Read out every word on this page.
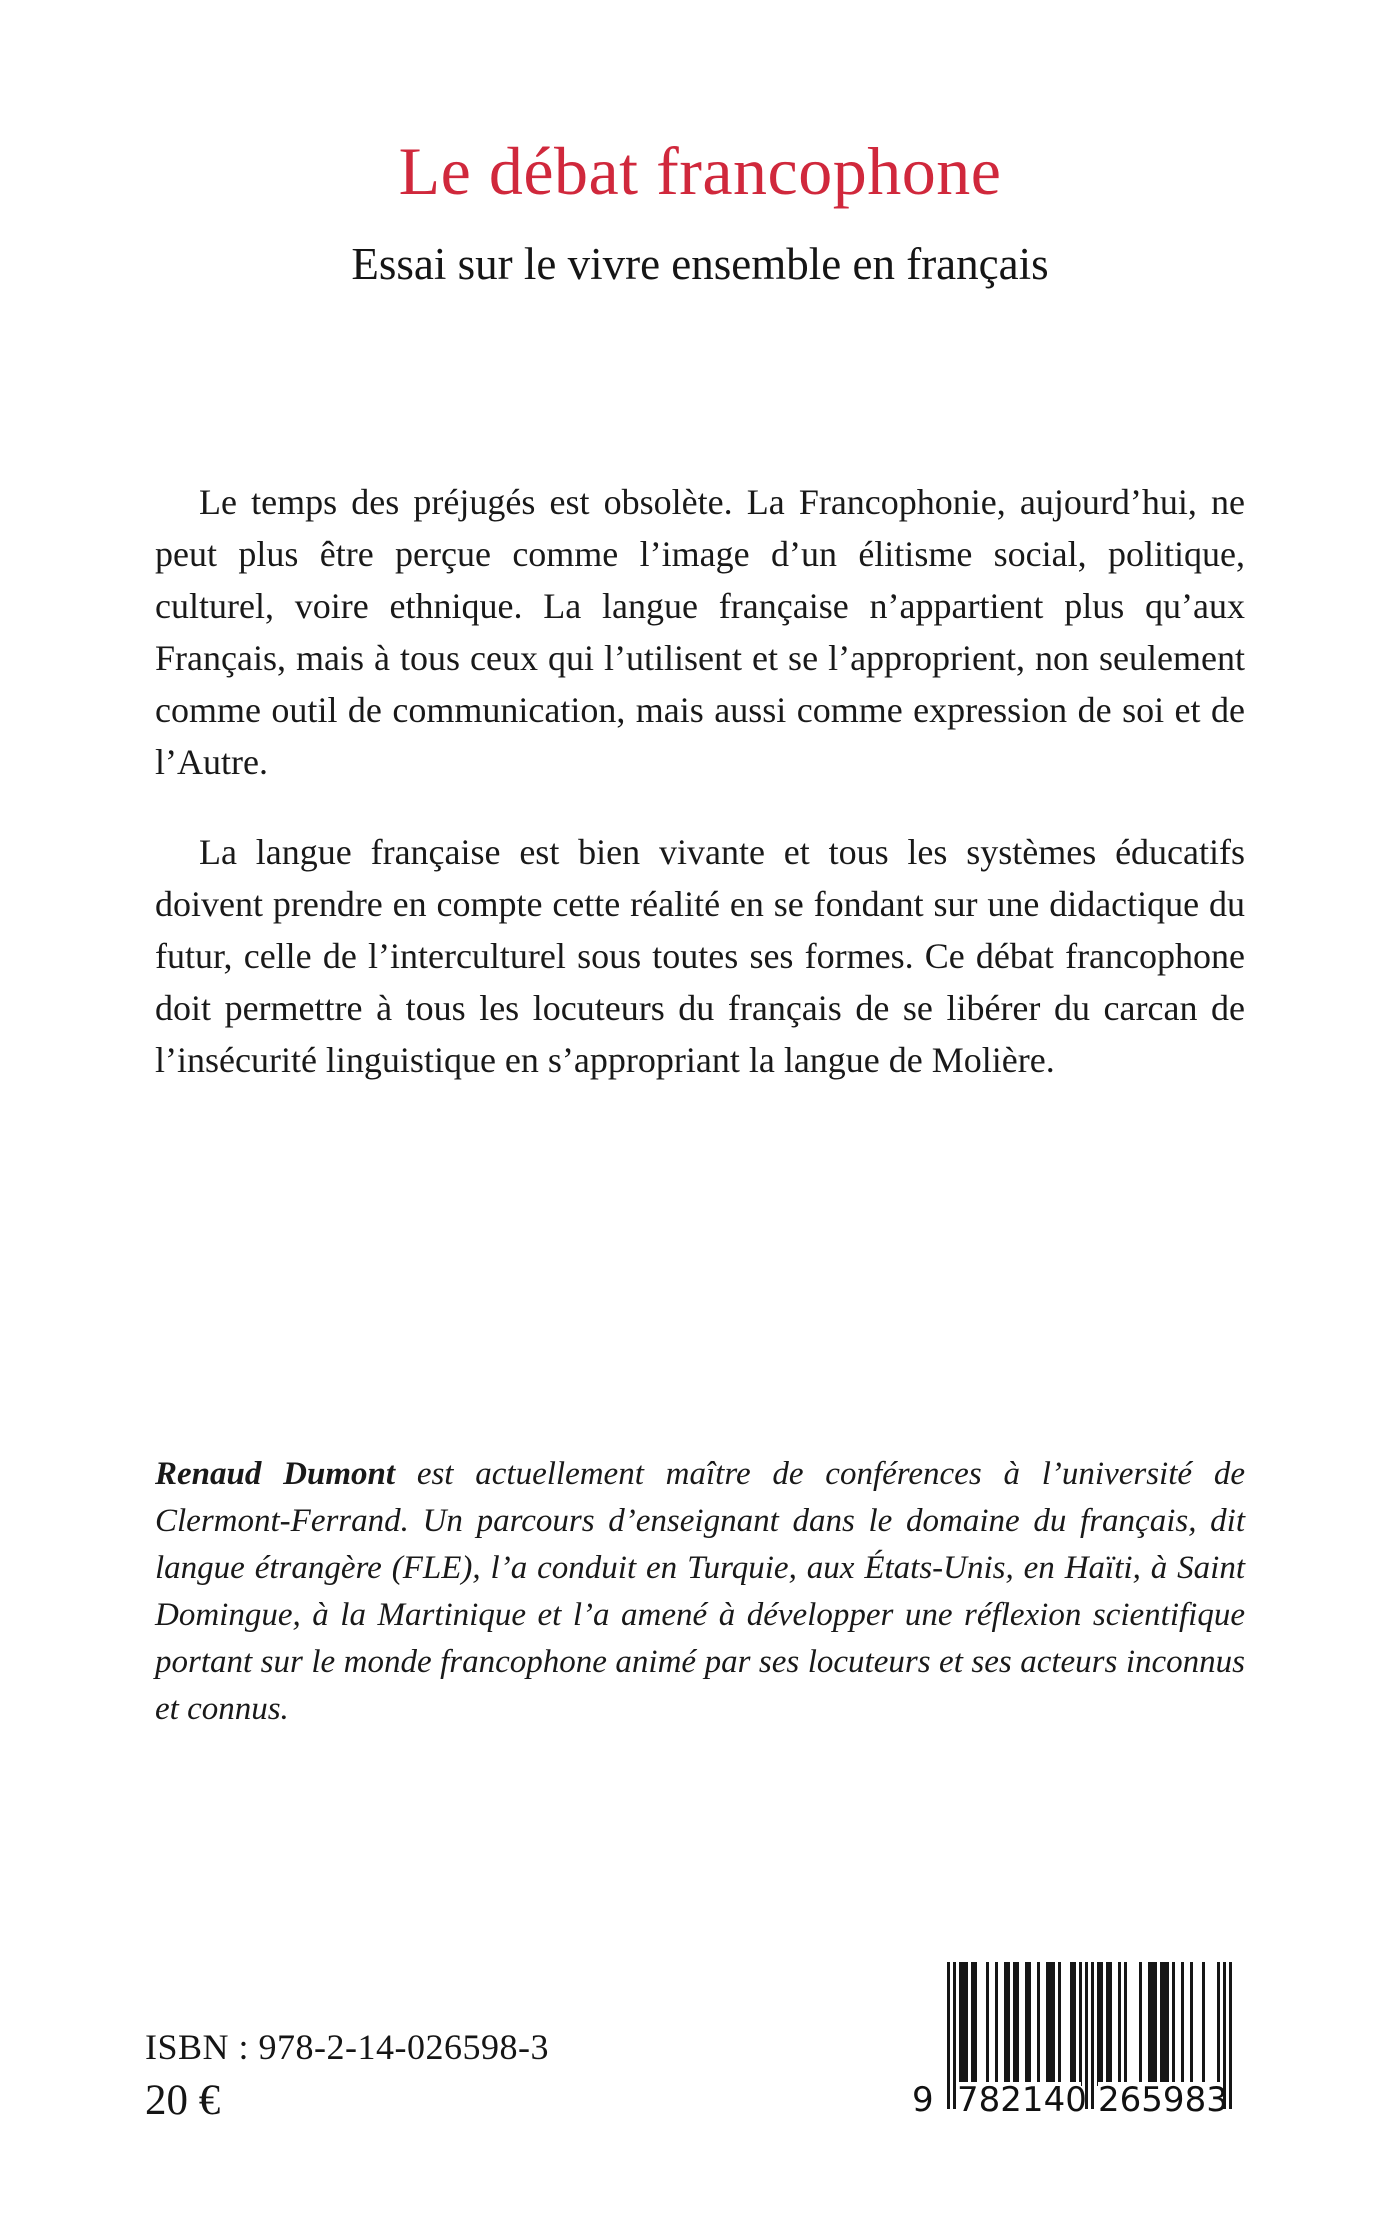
Le débat francophone
Essai sur le vivre ensemble en français

Le temps des préjugés est obsolète. La Francophonie, aujourd’hui, ne peut plus être perçue comme l’image d’un élitisme social, politique, culturel, voire ethnique. La langue française n’appartient plus qu’aux Français, mais à tous ceux qui l’utilisent et se l’approprient, non seulement comme outil de communication, mais aussi comme expression de soi et de l’Autre.

La langue française est bien vivante et tous les systèmes éducatifs doivent prendre en compte cette réalité en se fondant sur une didactique du futur, celle de l’interculturel sous toutes ses formes. Ce débat francophone doit permettre à tous les locuteurs du français de se libérer du carcan de l’insécurité linguistique en s’appropriant la langue de Molière.

Renaud Dumont est actuellement maître de conférences à l’université de Clermont-Ferrand. Un parcours d’enseignant dans le domaine du français, dit langue étrangère (FLE), l’a conduit en Turquie, aux États-Unis, en Haïti, à Saint Domingue, à la Martinique et l’a amené à développer une réflexion scientifique portant sur le monde francophone animé par ses locuteurs et ses acteurs inconnus et connus.

ISBN : 978-2-14-026598-3
20 €	9 782140 265983
